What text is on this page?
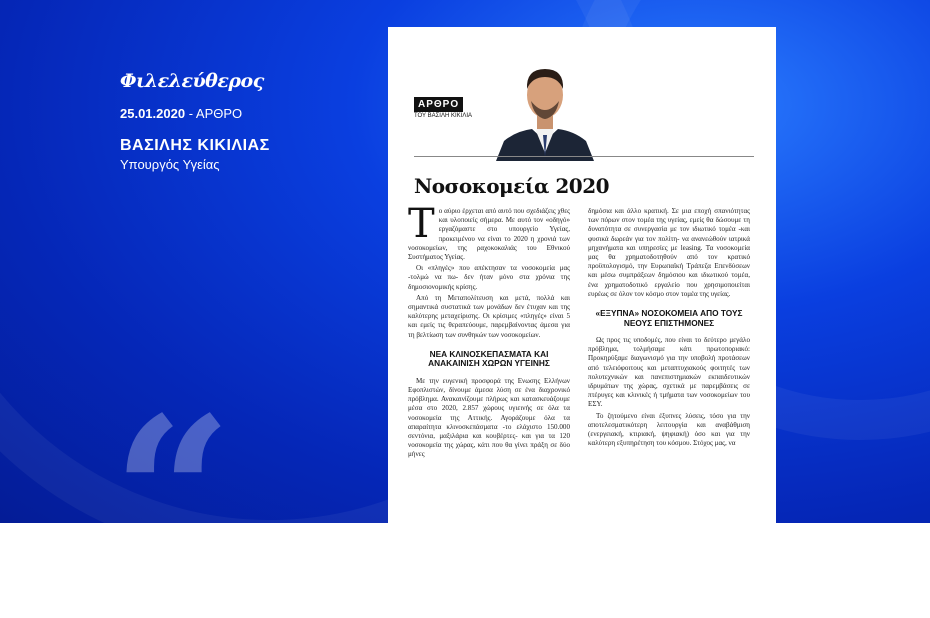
Φιλελεύθερος
25.01.2020 - ΑΡΘΡΟ
ΒΑΣΙΛΗΣ ΚΙΚΙΛΙΑΣ
Υπουργός Υγείας
“
ΑΡΘΡΟ
ΤΟΥ ΒΑΣΙΛΗ ΚΙΚΙΛΙΑ
Νοσοκομεία 2020
Τ ο αύριο έρχεται από αυτό που σχεδιάζεις χθες και υλοποιείς σήμερα. Με αυτό τον «οδηγό» εργαζόμαστε στο υπουργείο Υγείας, προκειμένου να είναι το 2020 η χρονιά των νοσοκομείων, της ραχοκοκαλιάς του Εθνικού Συστήματος Υγείας.

Οι «πληγές» που απέκτησαν τα νοσοκομεία μας -τολμώ να πω- δεν ήταν μόνο στα χρόνια της δημοσιονομικής κρίσης.

Από τη Μεταπολίτευση και μετά, πολλά και σημαντικά συστατικά των μονάδων δεν έτυχαν και της καλύτερης μεταχείρισης. Οι κρίσιμες «πληγές» είναι 5 και εμείς τις θεραπεύουμε, παρεμβαίνοντας άμεσα για τη βελτίωση των συνθηκών των νοσοκομείων.

ΝΕΑ ΚΛΙΝΟΣΚΕΠΑΣΜΑΤΑ ΚΑΙ ΑΝΑΚΑΙΝΙΣΗ ΧΩΡΩΝ ΥΓΕΙΝΗΣ

Με την ευγενική προσφορά της Ενωσης Ελλήνων Εφοπλιστών, δίνουμε άμεσα λύση σε ένα διαχρονικό πρόβλημα. Ανακαινίζουμε πλήρως και κατασκευάζουμε μέσα στο 2020, 2.857 χώρους υγιεινής σε όλα τα νοσοκομεία της Αττικής. Αγοράζουμε όλα τα απαραίτητα κλινοσκεπάσματα -το ελάχιστο 150.000 σεντόνια, μαξιλάρια και κουβέρτες- και για τα 120 νοσοκομεία της χώρας, κάτι που θα γίνει πράξη σε δύο μήνες

δημόσια και άλλο κρατική. Σε μια εποχή σπανιότητας των πόρων στον τομέα της υγείας, εμείς θα δώσουμε τη δυνατότητα σε συνεργασία με τον ιδιωτικό τομέα -και φυσικά δωρεάν για τον πολίτη- να ανανεώθούν ιατρικά μηχανήματα και υπηρεσίες με leasing. Τα νοσοκομεία μας θα χρηματοδοτηθούν από τον κρατικό προϋπολογισμό, την Ευρωπαϊκή Τράπεζα Επενδύσεων και μέσω συμπράξεων δημόσιου και ιδιωτικού τομέα, ένα χρηματοδοτικό εργαλείο που χρησιμοποιείται ευρέως σε όλον τον κόσμο στον τομέα της υγείας.

«ΕΞΥΠΝΑ» ΝΟΣΟΚΟΜΕΙΑ ΑΠΟ ΤΟΥΣ ΝΕΟΥΣ ΕΠΙΣΤΗΜΟΝΕΣ

Ως προς τις υποδομές, που είναι το δεύτερο μεγάλο πρόβλημα, τολμήσαμε κάτι πρωτοποριακό: Προκηρύξαμε διαγωνισμό για την υποβολή προτάσεων από τελειόφοιτους και μεταπτυχιακούς φοιτητές των πολυτεχνικών και πανεπιστημιακών εκπαιδευτικών ιδρυμάτων της χώρας, σχετικά με παρεμβάσεις σε πτέρυγες και κλινικές ή τμήματα των νοσοκομείων του ΕΣΥ.

Το ζητούμενο είναι έξυπνες λύσεις, τόσο για την αποτελεσματικότερη λειτουργία και αναβάθμιση (ενεργειακή, κτιριακή, ψηφιακή) όσο και για την καλύτερη εξυπηρέτηση του κόσμου. Στόχος μας, να
